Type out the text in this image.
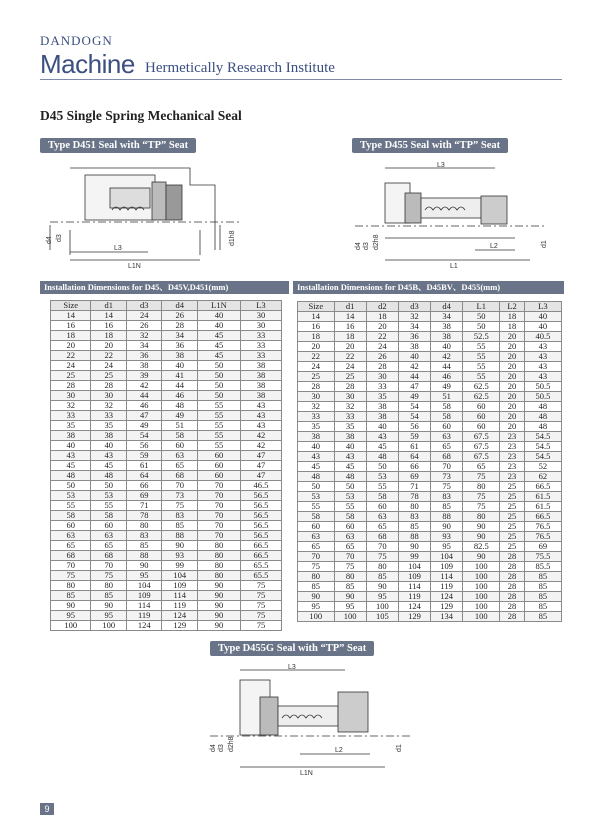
DANDOGN
Machine Hermetically Research Institute
D45 Single Spring Mechanical Seal
Type D451 Seal with “TP” Seat	Type D455 Seal with “TP” Seat
L3
L1N
d4 d3	d1h8
L3
L1
L2
d4 d3 d2h8	d1
Installation Dimensions for D45、D45V,D451(mm)	Installation Dimensions for D45B、D45BV、D455(mm)
Size	d1	d3	d4	L1N	L3
14	14	24	26	40	30
16	16	26	28	40	30
18	18	32	34	45	33
20	20	34	36	45	33
22	22	36	38	45	33
24	24	38	40	50	38
25	25	39	41	50	38
28	28	42	44	50	38
30	30	44	46	50	38
32	32	46	48	55	43
33	33	47	49	55	43
35	35	49	51	55	43
38	38	54	58	55	42
40	40	56	60	55	42
43	43	59	63	60	47
45	45	61	65	60	47
48	48	64	68	60	47
50	50	66	70	70	46.5
53	53	69	73	70	56.5
55	55	71	75	70	56.5
58	58	78	83	70	56.5
60	60	80	85	70	56.5
63	63	83	88	70	56.5
65	65	85	90	80	66.5
68	68	88	93	80	66.5
70	70	90	99	80	65.5
75	75	95	104	80	65.5
80	80	104	109	90	75
85	85	109	114	90	75
90	90	114	119	90	75
95	95	119	124	90	75
100	100	124	129	90	75
Size	d1	d2	d3	d4	L1	L2	L3
14	14	18	32	34	50	18	40
16	16	20	34	38	50	18	40
18	18	22	36	38	52.5	20	40.5
20	20	24	38	40	55	20	43
22	22	26	40	42	55	20	43
24	24	28	42	44	55	20	43
25	25	30	44	46	55	20	43
28	28	33	47	49	62.5	20	50.5
30	30	35	49	51	62.5	20	50.5
32	32	38	54	58	60	20	48
33	33	38	54	58	60	20	48
35	35	40	56	60	60	20	48
38	38	43	59	63	67.5	23	54.5
40	40	45	61	65	67.5	23	54.5
43	43	48	64	68	67.5	23	54.5
45	45	50	66	70	65	23	52
48	48	53	69	73	75	23	62
50	50	55	71	75	80	25	66.5
53	53	58	78	83	75	25	61.5
55	55	60	80	85	75	25	61.5
58	58	63	83	88	80	25	66.5
60	60	65	85	90	90	25	76.5
63	63	68	88	93	90	25	76.5
65	65	70	90	95	82.5	25	69
70	70	75	99	104	90	28	75.5
75	75	80	104	109	100	28	85.5
80	80	85	109	114	100	28	85
85	85	90	114	119	100	28	85
90	90	95	119	124	100	28	85
95	95	100	124	129	100	28	85
100	100	105	129	134	100	28	85
Type D455G Seal with “TP” Seat
L3
L1N
L2
d4 d3 d2h8	d1
9
